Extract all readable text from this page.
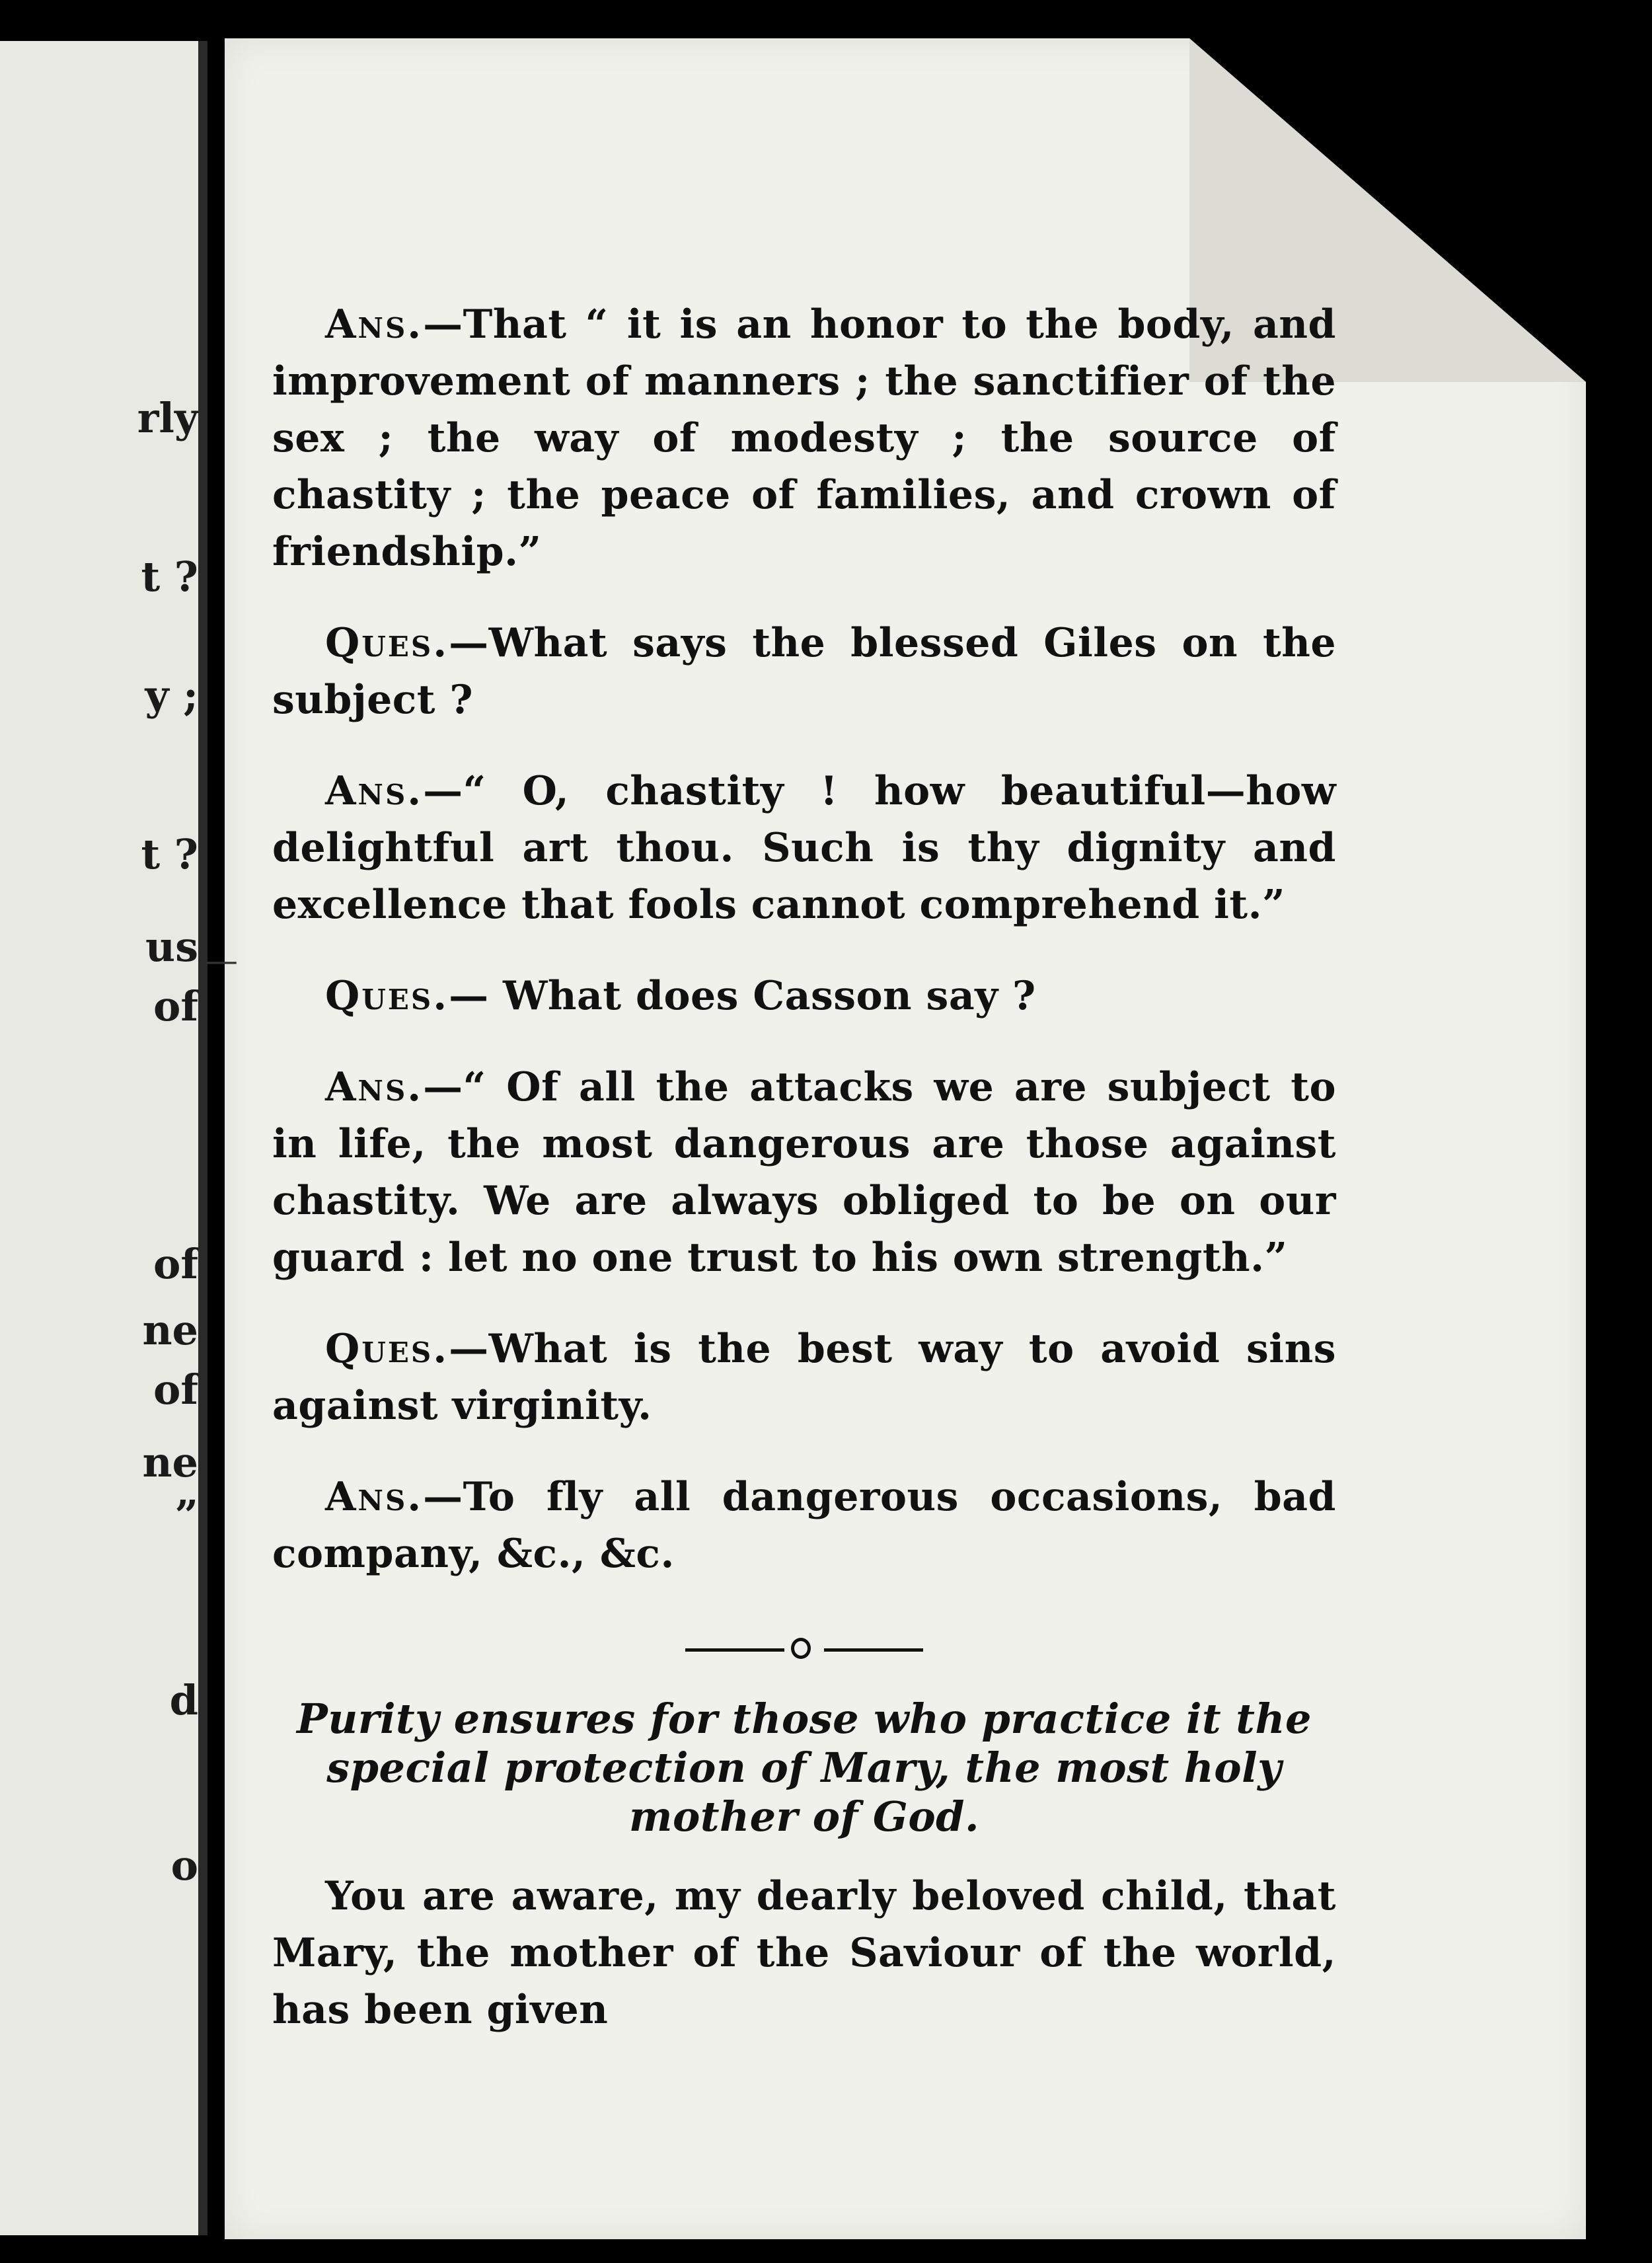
rly
t ?
y ;
t ?
us
of
of
ne
of
ne
”
d
o

Ans.—That “ it is an honor to the body, and improvement of manners ; the sanctifier of the sex ; the way of modesty ; the source of chastity ; the peace of families, and crown of friendship.”

Ques.—What says the blessed Giles on the subject ?

Ans.—“ O, chastity ! how beautiful—how delightful art thou. Such is thy dignity and excellence that fools cannot comprehend it.”

Ques.— What does Casson say ?

Ans.—“ Of all the attacks we are subject to in life, the most dangerous are those against chastity. We are always obliged to be on our guard : let no one trust to his own strength.”

Ques.—What is the best way to avoid sins against virginity.

Ans.—To fly all dangerous occasions, bad company, &c., &c.

Purity ensures for those who practice it the special protection of Mary, the most holy mother of God.

You are aware, my dearly beloved child, that Mary, the mother of the Saviour of the world, has been given

—
